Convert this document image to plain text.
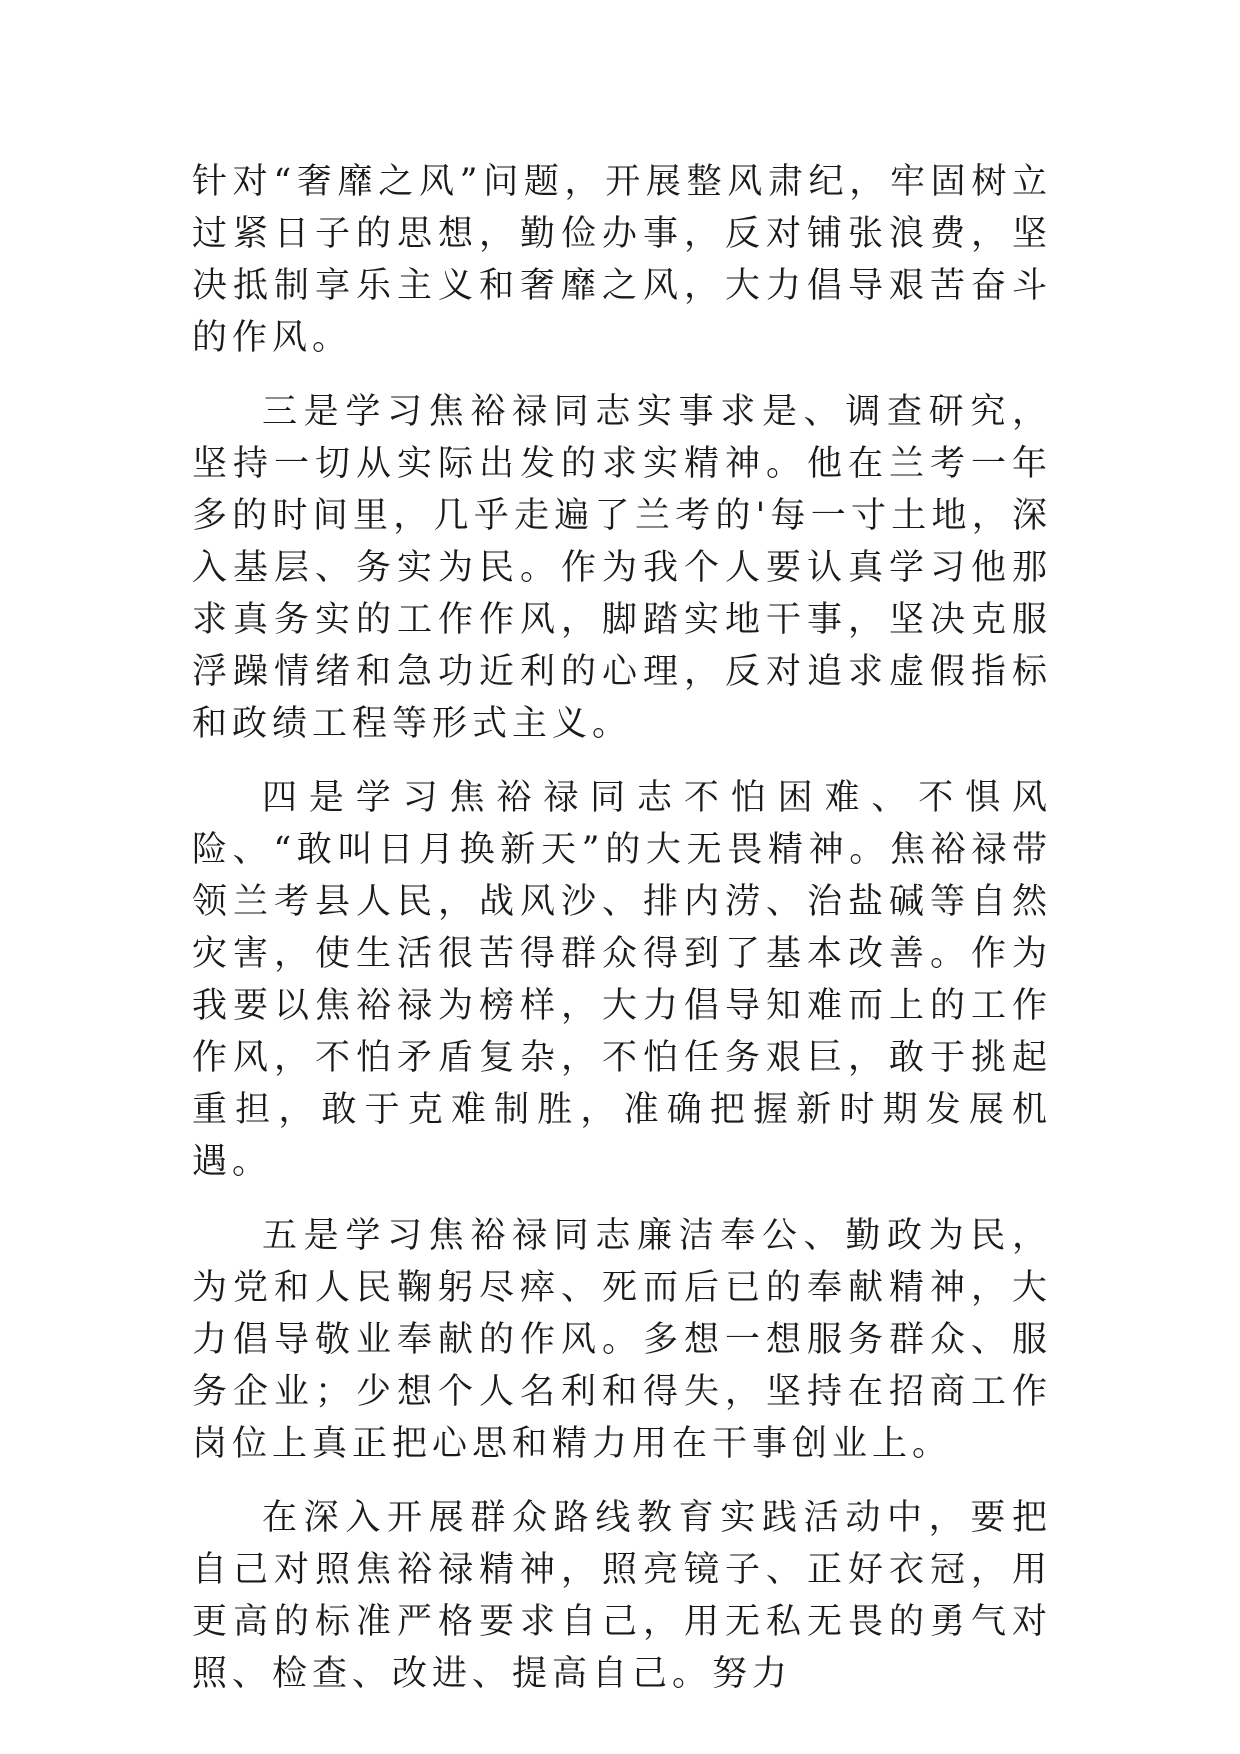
针对“奢靡之风”问题，开展整风肃纪，牢固树立过紧日子的思想，勤俭办事，反对铺张浪费，坚决抵制享乐主义和奢靡之风，大力倡导艰苦奋斗的作风。

三是学习焦裕禄同志实事求是、调查研究，坚持一切从实际出发的求实精神。他在兰考一年多的时间里，几乎走遍了兰考的'每一寸土地，深入基层、务实为民。作为我个人要认真学习他那求真务实的工作作风，脚踏实地干事，坚决克服浮躁情绪和急功近利的心理，反对追求虚假指标和政绩工程等形式主义。

四是学习焦裕禄同志不怕困难、不惧风险、“敢叫日月换新天”的大无畏精神。焦裕禄带领兰考县人民，战风沙、排内涝、治盐碱等自然灾害，使生活很苦得群众得到了基本改善。作为我要以焦裕禄为榜样，大力倡导知难而上的工作作风，不怕矛盾复杂，不怕任务艰巨，敢于挑起重担，敢于克难制胜，准确把握新时期发展机遇。

五是学习焦裕禄同志廉洁奉公、勤政为民，为党和人民鞠躬尽瘁、死而后已的奉献精神，大力倡导敬业奉献的作风。多想一想服务群众、服务企业；少想个人名利和得失，坚持在招商工作岗位上真正把心思和精力用在干事创业上。

在深入开展群众路线教育实践活动中，要把自己对照焦裕禄精神，照亮镜子、正好衣冠，用更高的标准严格要求自己，用无私无畏的勇气对照、检查、改进、提高自己。努力
